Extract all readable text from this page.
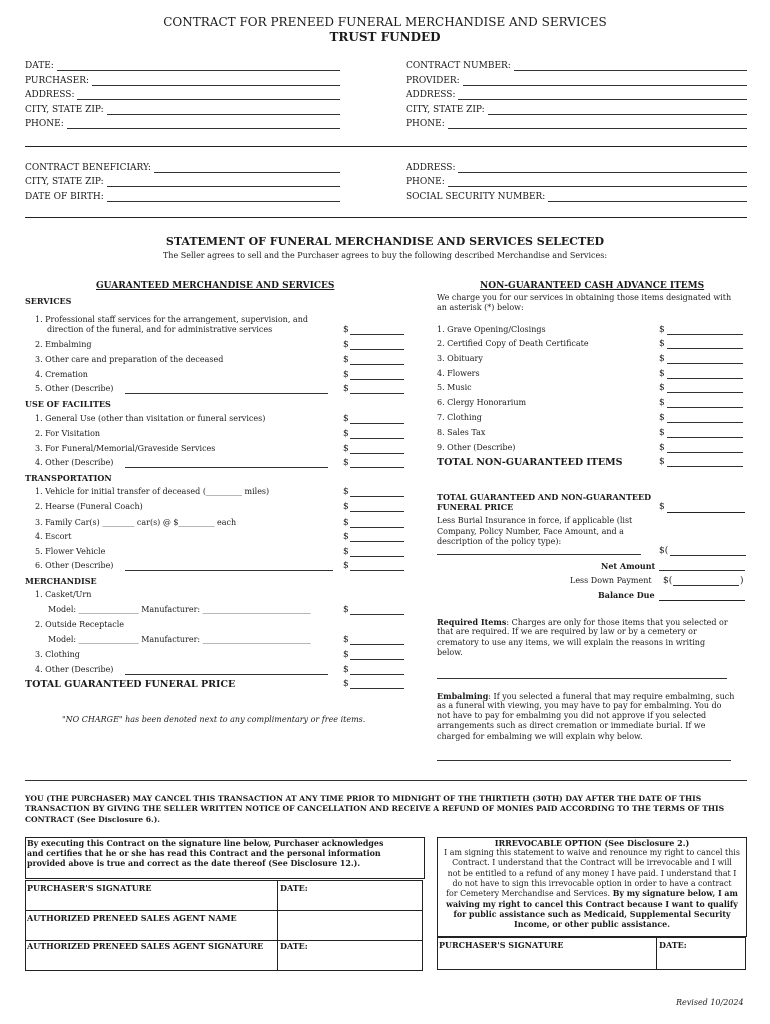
CONTRACT FOR PRENEED FUNERAL MERCHANDISE AND SERVICES
TRUST FUNDED
DATE:
PURCHASER:
ADDRESS:
CITY, STATE ZIP:
PHONE:
CONTRACT NUMBER:
PROVIDER:
ADDRESS:
CITY, STATE ZIP:
PHONE:
CONTRACT BENEFICIARY:
CITY, STATE ZIP:
DATE OF BIRTH:
ADDRESS:
PHONE:
SOCIAL SECURITY NUMBER:
STATEMENT OF FUNERAL MERCHANDISE AND SERVICES SELECTED
The Seller agrees to sell and the Purchaser agrees to buy the following described Merchandise and Services:
GUARANTEED MERCHANDISE AND SERVICES	NON-GUARANTEED CASH ADVANCE ITEMS
SERVICES
1. Professional staff services for the arrangement, supervision, and
direction of the funeral, and for administrative services	$
2. Embalming	$
3. Other care and preparation of the deceased	$
4. Cremation	$
5. Other (Describe)	$
USE OF FACILITES
1. General Use (other than visitation or funeral services)	$
2. For Visitation	$
3. For Funeral/Memorial/Graveside Services	$
4. Other (Describe)	$
TRANSPORTATION
1. Vehicle for initial transfer of deceased (_________ miles)	$
2. Hearse (Funeral Coach)	$
3. Family Car(s) ________ car(s) @ $_________ each	$
4. Escort	$
5. Flower Vehicle	$
6. Other (Describe)	$
MERCHANDISE
1. Casket/Urn
Model: _______________ Manufacturer: ___________________________	$
2. Outside Receptacle
Model: _______________ Manufacturer: ___________________________	$
3. Clothing	$
4. Other (Describe)	$
TOTAL GUARANTEED FUNERAL PRICE	$
We charge you for our services in obtaining those items designated with
an asterisk (*) below:
1. Grave Opening/Closings	$
2. Certified Copy of Death Certificate	$
3. Obituary	$
4. Flowers	$
5. Music	$
6. Clergy Honorarium	$
7. Clothing	$
8. Sales Tax	$
9. Other (Describe)	$
TOTAL NON-GUARANTEED ITEMS	$
TOTAL GUARANTEED AND NON-GUARANTEED
FUNERAL PRICE	$
Less Burial Insurance in force, if applicable (list
Company, Policy Number, Face Amount, and a
description of the policy type):
$(
Net Amount
Less Down Payment $(	)
Balance Due
Required Items: Charges are only for those items that you selected or
that are required. If we are required by law or by a cemetery or
crematory to use any items, we will explain the reasons in writing
below.
Embalming: If you selected a funeral that may require embalming, such
as a funeral with viewing, you may have to pay for embalming. You do
not have to pay for embalming you did not approve if you selected
arrangements such as direct cremation or immediate burial. If we
charged for embalming we will explain why below.
"NO CHARGE" has been denoted next to any complimentary or free items.
YOU (THE PURCHASER) MAY CANCEL THIS TRANSACTION AT ANY TIME PRIOR TO MIDNIGHT OF THE THIRTIETH (30TH) DAY AFTER THE DATE OF THIS
TRANSACTION BY GIVING THE SELLER WRITTEN NOTICE OF CANCELLATION AND RECEIVE A REFUND OF MONIES PAID ACCORDING TO THE TERMS OF THIS
CONTRACT (See Disclosure 6.).
By executing this Contract on the signature line below, Purchaser acknowledges
and certifies that he or she has read this Contract and the personal information
provided above is true and correct as the date thereof (See Disclosure 12.).
PURCHASER'S SIGNATURE	DATE:
AUTHORIZED PRENEED SALES AGENT NAME
AUTHORIZED PRENEED SALES AGENT SIGNATURE DATE:
IRREVOCABLE OPTION (See Disclosure 2.)
I am signing this statement to waive and renounce my right to cancel this
Contract. I understand that the Contract will be irrevocable and I will
not be entitled to a refund of any money I have paid. I understand that I
do not have to sign this irrevocable option in order to have a contract
for Cemetery Merchandise and Services. By my signature below, I am
waiving my right to cancel this Contract because I want to qualify
for public assistance such as Medicaid, Supplemental Security
Income, or other public assistance.
PURCHASER'S SIGNATURE	DATE:
Revised 10/2024
